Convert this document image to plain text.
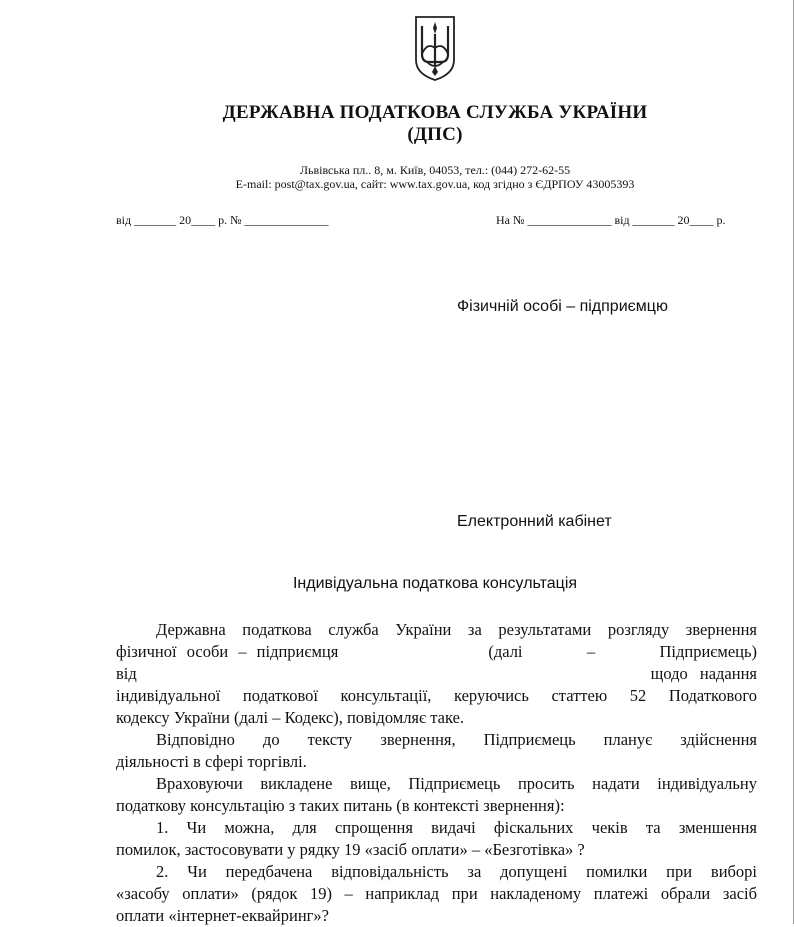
ДЕРЖАВНА ПОДАТКОВА СЛУЖБА УКРАЇНИ
(ДПС)
Львівська пл.. 8, м. Київ, 04053, тел.: (044) 272-62-55
E-mail: post@tax.gov.ua, сайт: www.tax.gov.ua, код згідно з ЄДРПОУ 43005393
від _______ 20____ р. № ______________	На № ______________ від _______ 20____ р.
Фізичній особі – підприємцю
Електронний кабінет
Індивідуальна податкова консультація
Державна податкова служба України за результатами розгляду звернення
фізичної особи – підприємця	(далі – Підприємець)
від	щодо надання
індивідуальної податкової консультації, керуючись статтею 52 Податкового
кодексу України (далі – Кодекс), повідомляє таке.
Відповідно до тексту звернення, Підприємець планує здійснення
діяльності в сфері торгівлі.
Враховуючи викладене вище, Підприємець просить надати індивідуальну
податкову консультацію з таких питань (в контексті звернення):
1. Чи можна, для спрощення видачі фіскальних чеків та зменшення
помилок, застосовувати у рядку 19 «засіб оплати» – «Безготівка» ?
2. Чи передбачена відповідальність за допущені помилки при виборі
«засобу оплати» (рядок 19) – наприклад при накладеному платежі обрали засіб
оплати «інтернет-еквайринг»?
